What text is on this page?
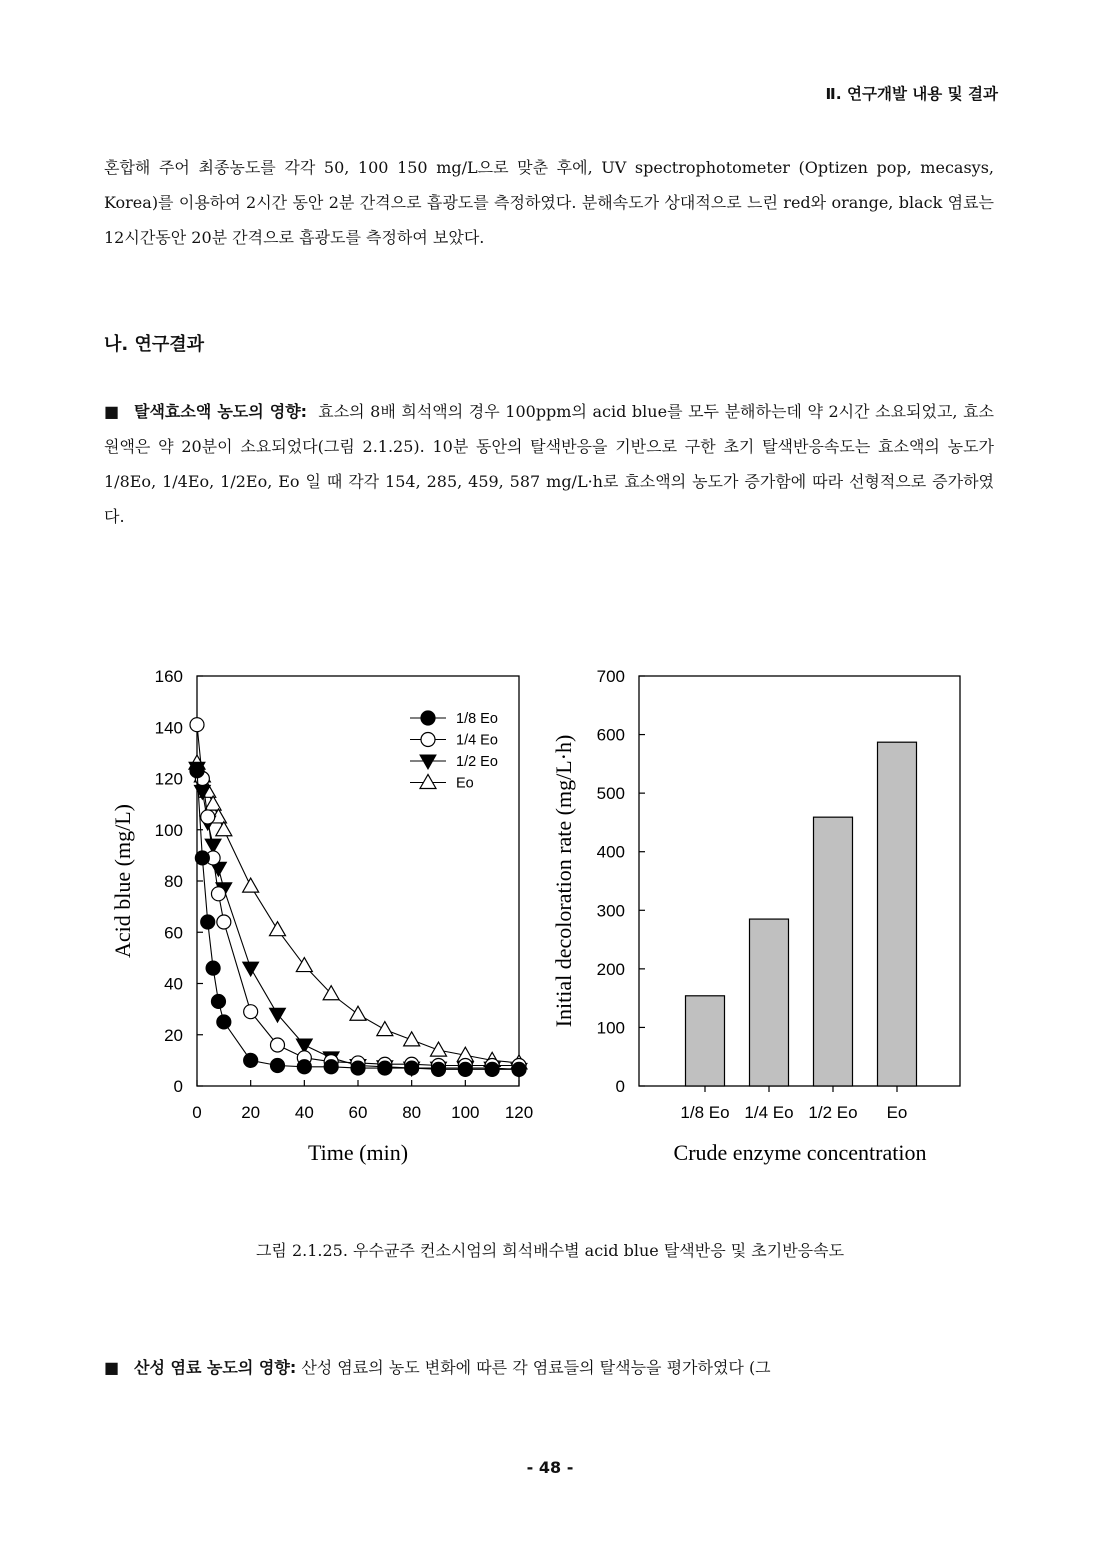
Ⅱ. 연구개발 내용 및 결과

혼합해 주어 최종농도를 각각 50, 100 150 mg/L으로 맞춘 후에, UV spectrophotometer (Optizen pop, mecasys, Korea)를 이용하여 2시간 동안 2분 간격으로 흡광도를 측정하였다. 분해속도가 상대적으로 느린 red와 orange, black 염료는 12시간동안 20분 간격으로 흡광도를 측정하여 보았다.

나. 연구결과

■ 탈색효소액 농도의 영향: 효소의 8배 희석액의 경우 100ppm의 acid blue를 모두 분해하는데 약 2시간 소요되었고, 효소원액은 약 20분이 소요되었다(그림 2.1.25). 10분 동안의 탈색반응을 기반으로 구한 초기 탈색반응속도는 효소액의 농도가 1/8Eo, 1/4Eo, 1/2Eo, Eo 일 때 각각 154, 285, 459, 587 mg/L·h로 효소액의 농도가 증가함에 따라 선형적으로 증가하였다.

0
20
40
60
80
100
120
140
160
0 20 40 60 80 100 120
1/8 Eo
1/4 Eo
1/2 Eo
Eo
Time (min)
Acid blue (mg/L)
0
100
200
300
400
500
600
700
1/8 Eo 1/4 Eo 1/2 Eo Eo
Crude enzyme concentration
Initial decoloration rate (mg/L·h)
그림 2.1.25. 우수균주 컨소시엄의 희석배수별 acid blue 탈색반응 및 초기반응속도

■ 산성 염료 농도의 영향: 산성 염료의 농도 변화에 따른 각 염료들의 탈색능을 평가하였다 (그

- 48 -
